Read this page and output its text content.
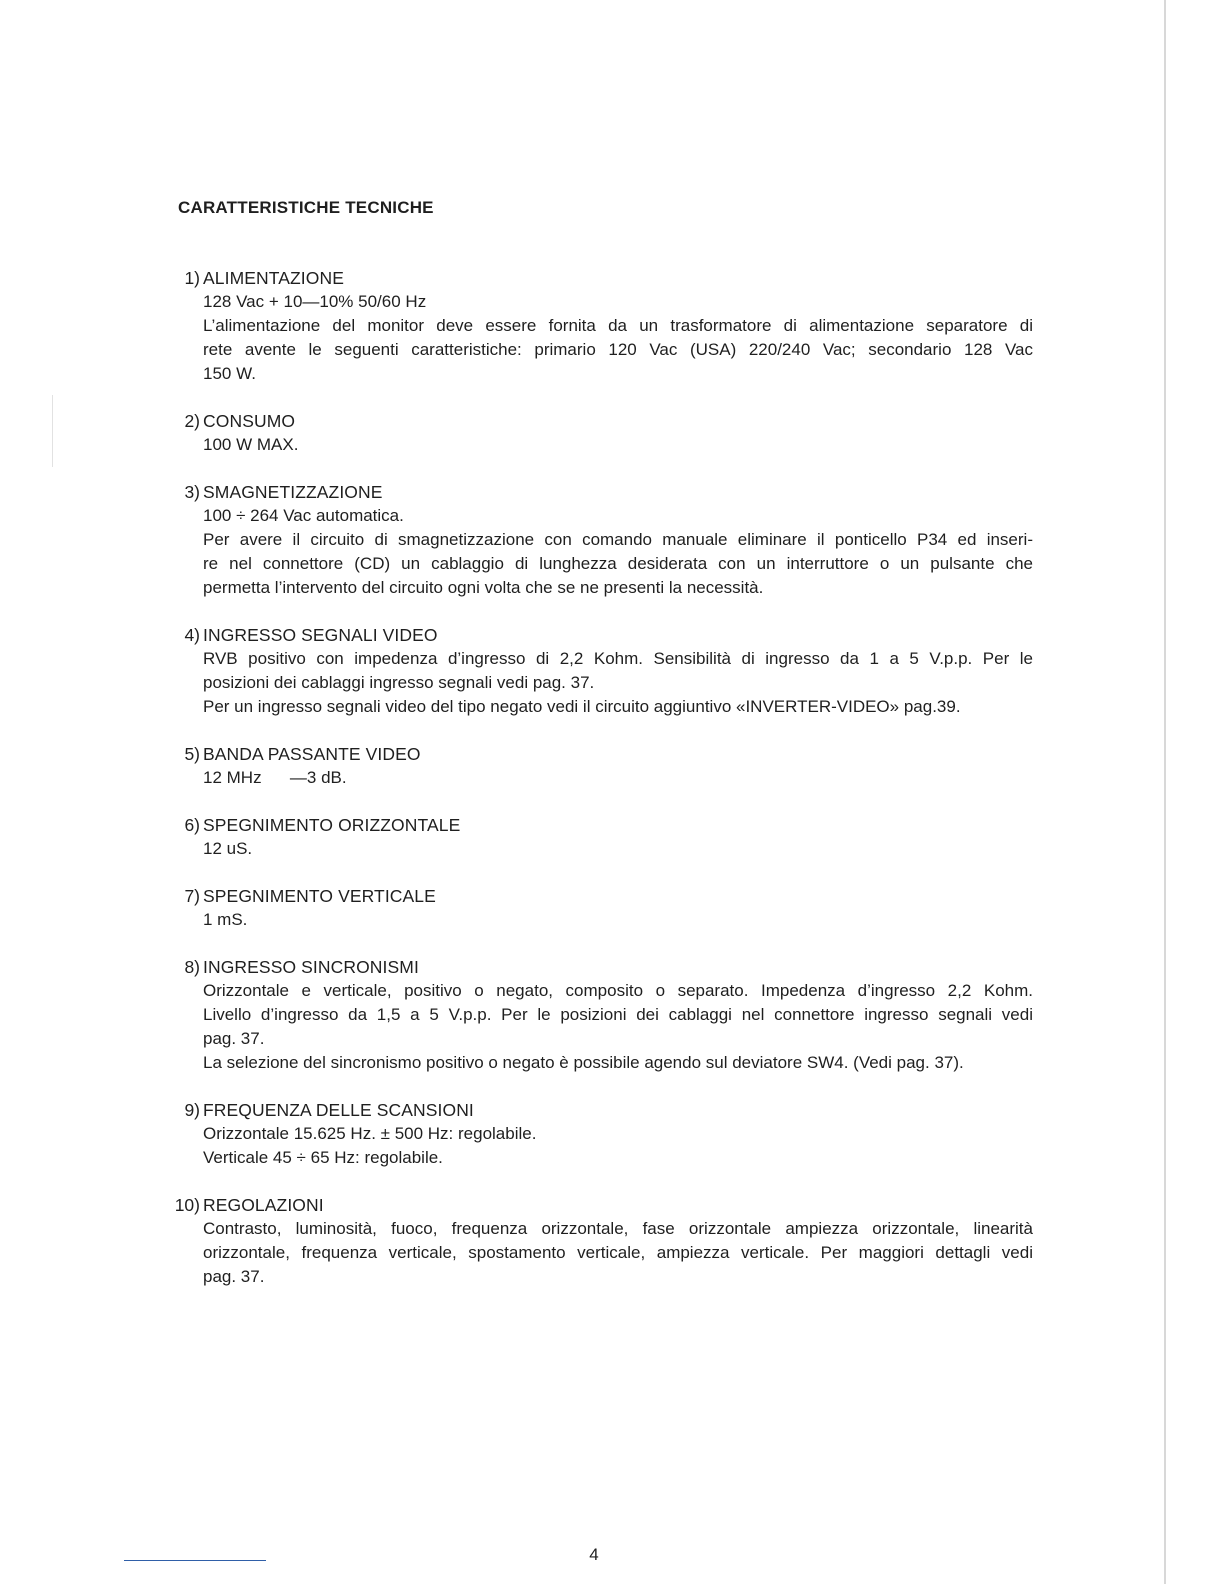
CARATTERISTICHE TECNICHE
1) ALIMENTAZIONE
128 Vac + 10—10% 50/60 Hz
L’alimentazione del monitor deve essere fornita da un trasformatore di alimentazione separatore di
rete avente le seguenti caratteristiche: primario 120 Vac (USA) 220/240 Vac; secondario 128 Vac
150 W.
2) CONSUMO
100 W MAX.
3) SMAGNETIZZAZIONE
100 ÷ 264 Vac automatica.
Per avere il circuito di smagnetizzazione con comando manuale eliminare il ponticello P34 ed inseri-
re nel connettore (CD) un cablaggio di lunghezza desiderata con un interruttore o un pulsante che
permetta l’intervento del circuito ogni volta che se ne presenti la necessità.
4) INGRESSO SEGNALI VIDEO
RVB positivo con impedenza d’ingresso di 2,2 Kohm. Sensibilità di ingresso da 1 a 5 V.p.p. Per le
posizioni dei cablaggi ingresso segnali vedi pag. 37.
Per un ingresso segnali video del tipo negato vedi il circuito aggiuntivo «INVERTER-VIDEO» pag.39.
5) BANDA PASSANTE VIDEO
12 MHz      —3 dB.
6) SPEGNIMENTO ORIZZONTALE
12 uS.
7) SPEGNIMENTO VERTICALE
1 mS.
8) INGRESSO SINCRONISMI
Orizzontale e verticale, positivo o negato, composito o separato. Impedenza d’ingresso 2,2 Kohm.
Livello d’ingresso da 1,5 a 5 V.p.p. Per le posizioni dei cablaggi nel connettore ingresso segnali vedi
pag. 37.
La selezione del sincronismo positivo o negato è possibile agendo sul deviatore SW4. (Vedi pag. 37).
9) FREQUENZA DELLE SCANSIONI
Orizzontale 15.625 Hz. ± 500 Hz: regolabile.
Verticale 45 ÷ 65 Hz: regolabile.
10) REGOLAZIONI
Contrasto, luminosità, fuoco, frequenza orizzontale, fase orizzontale ampiezza orizzontale, linearità
orizzontale, frequenza verticale, spostamento verticale, ampiezza verticale. Per maggiori dettagli vedi
pag. 37.
4
